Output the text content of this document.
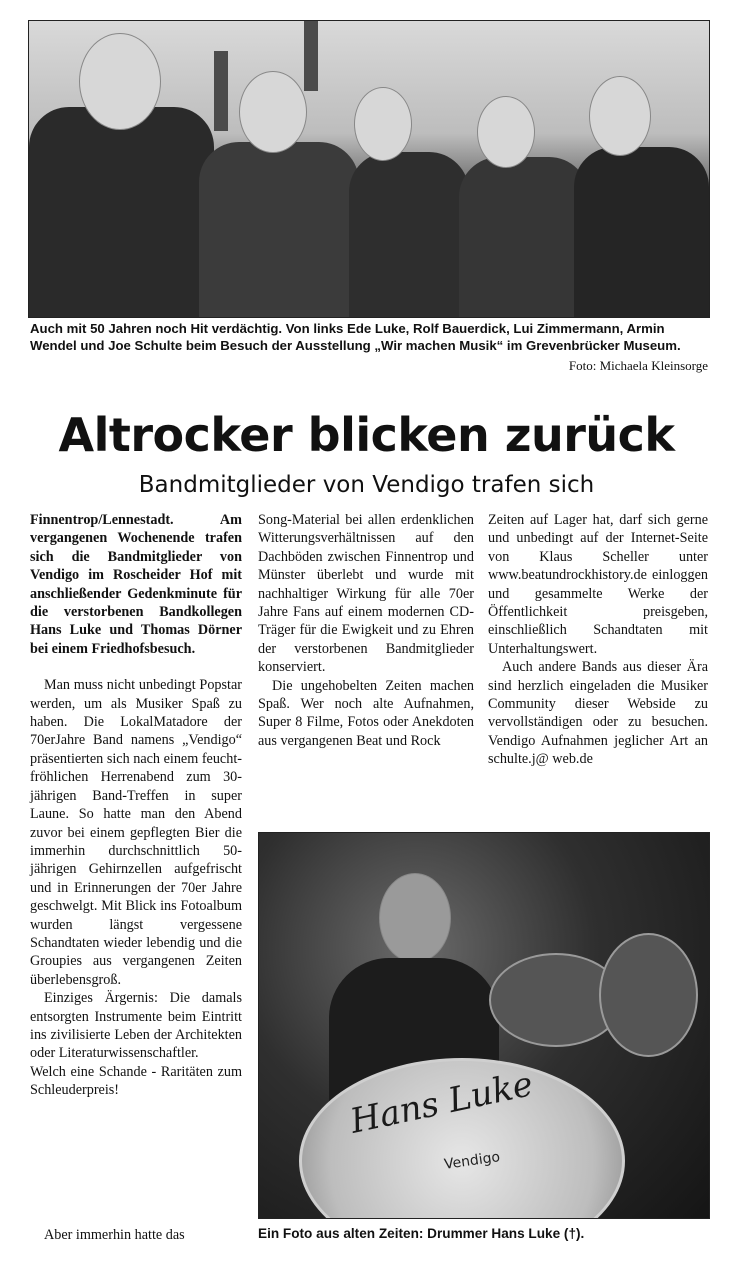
Auch mit 50 Jahren noch Hit verdächtig. Von links Ede Luke, Rolf Bauerdick, Lui Zimmermann, Armin Wendel und Joe Schulte beim Besuch der Ausstellung „Wir machen Musik“ im Grevenbrücker Museum.
Foto: Michaela Kleinsorge
Altrocker blicken zurück
Bandmitglieder von Vendigo trafen sich

Finnentrop/Lennestadt. Am vergangenen Wochenende trafen sich die Bandmitglieder von Vendigo im Roscheider Hof mit anschließender Gedenkminute für die verstorbenen Bandkollegen Hans Luke und Thomas Dörner bei einem Friedhofsbesuch.

Man muss nicht unbedingt Popstar werden, um als Musiker Spaß zu haben. Die LokalMatadore der 70erJahre Band namens „Vendigo“ präsentierten sich nach einem feucht-fröhlichen Herrenabend zum 30-jährigen Band-Treffen in super Laune. So hatte man den Abend zuvor bei einem gepflegten Bier die immerhin durchschnittlich 50-jährigen Gehirnzellen aufgefrischt und in Erinnerungen der 70er Jahre geschwelgt. Mit Blick ins Fotoalbum wurden längst vergessene Schandtaten wieder lebendig und die Groupies aus vergangenen Zeiten überlebensgroß.

Einziges Ärgernis: Die damals entsorgten Instrumente beim Eintritt ins zivilisierte Leben der Architekten oder Literaturwissenschaftler.

Welch eine Schande - Raritäten zum Schleuderpreis!

Aber immerhin hatte das

Song-Material bei allen erdenklichen Witterungsverhältnissen auf den Dachböden zwischen Finnentrop und Münster überlebt und wurde mit nachhaltiger Wirkung für alle 70er Jahre Fans auf einem modernen CD-Träger für die Ewigkeit und zu Ehren der verstorbenen Bandmitglieder konserviert.

Die ungehobelten Zeiten machen Spaß. Wer noch alte Aufnahmen, Super 8 Filme, Fotos oder Anekdoten aus vergangenen Beat und Rock

Zeiten auf Lager hat, darf sich gerne und unbedingt auf der Internet-Seite von Klaus Scheller unter www.beatundrockhistory.de einloggen und gesammelte Werke der Öffentlichkeit preisgeben, einschließlich Schandtaten mit Unterhaltungswert.

Auch andere Bands aus dieser Ära sind herzlich eingeladen die Musiker Community dieser Webside zu vervollständigen oder zu besuchen. Vendigo Aufnahmen jeglicher Art an schulte.j@ web.de

Hans Luke
Vendigo
Ein Foto aus alten Zeiten: Drummer Hans Luke (†).
